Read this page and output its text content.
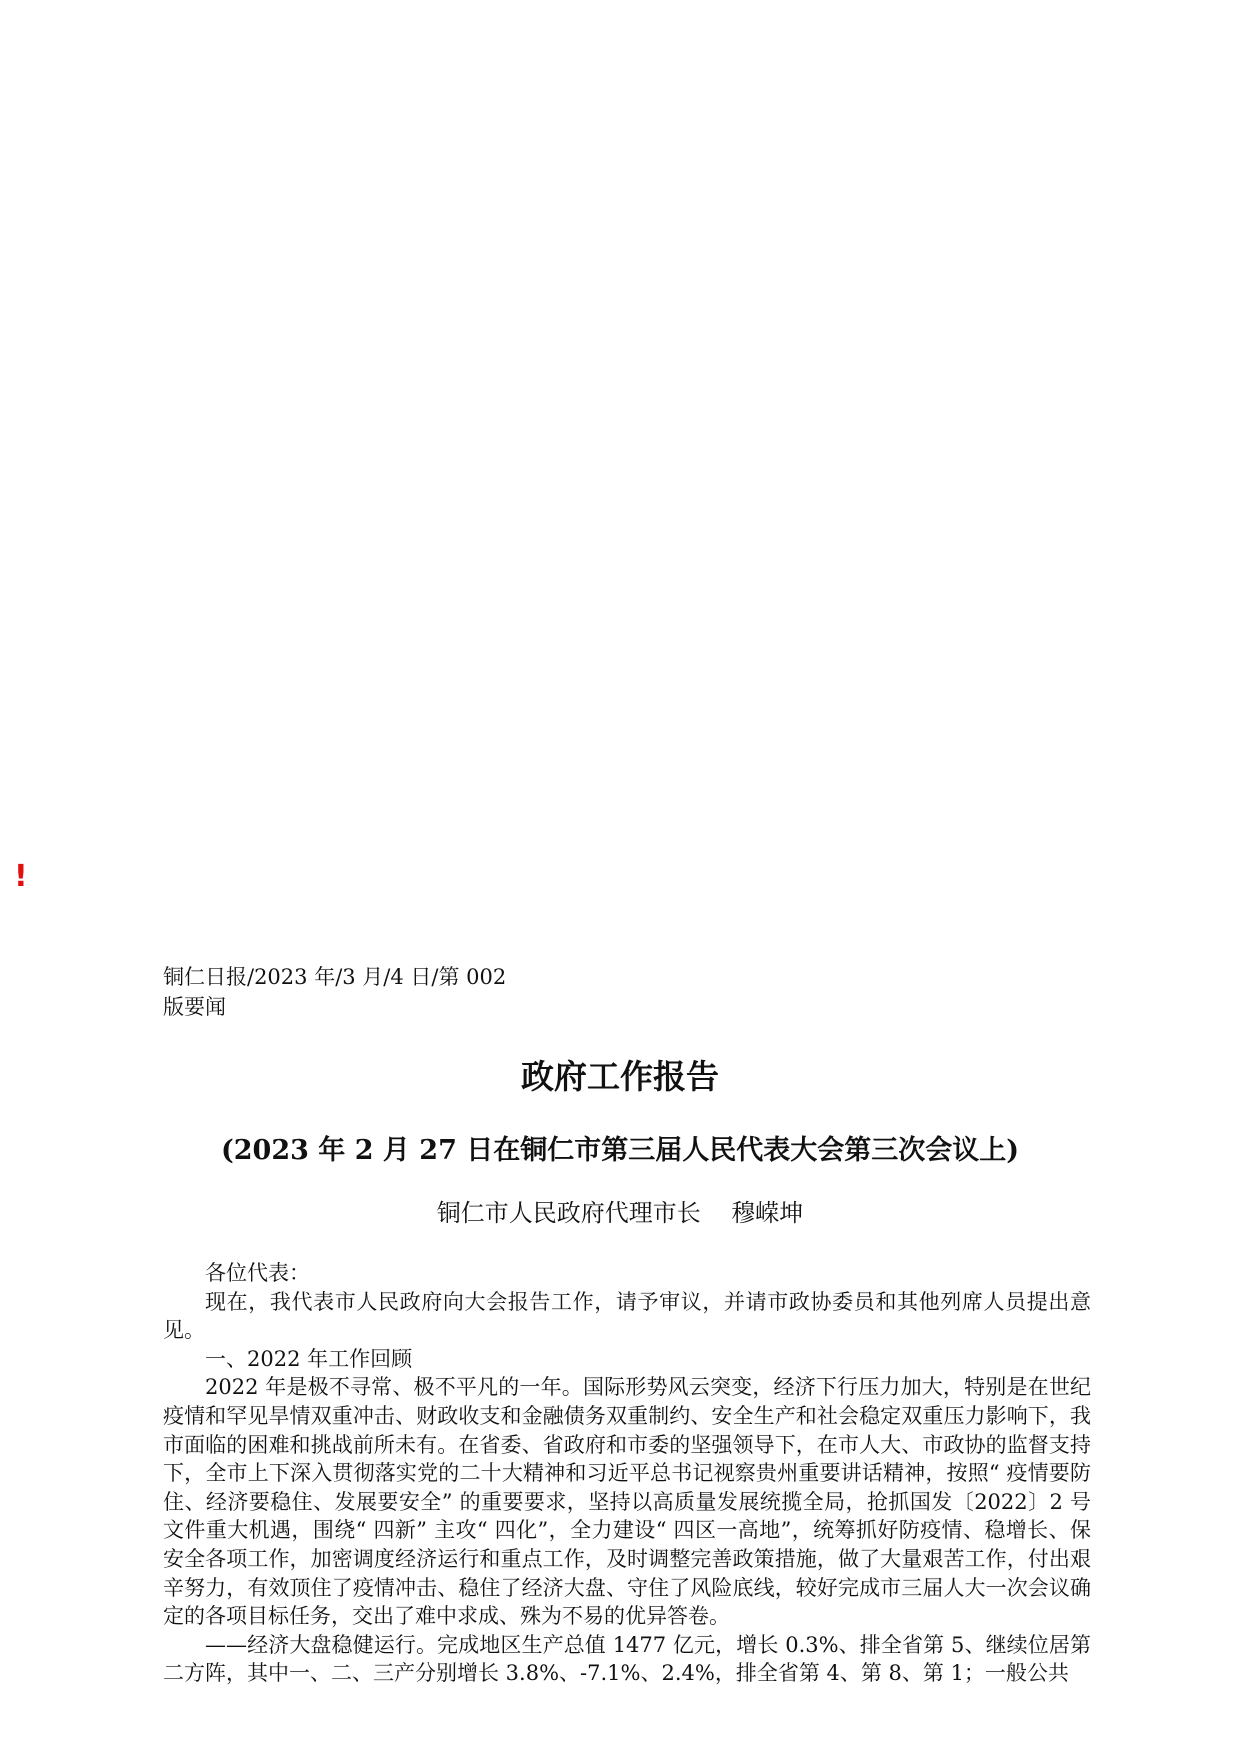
!
铜仁日报/2023 年/3 月/4 日/第 002
版要闻
政府工作报告
(2023 年 2 月 27 日在铜仁市第三届人民代表大会第三次会议上)
铜仁市人民政府代理市长    穆嵘坤

各位代表：

现在，我代表市人民政府向大会报告工作，请予审议，并请市政协委员和其他列席人员提出意见。

一、2022 年工作回顾

2022 年是极不寻常、极不平凡的一年。国际形势风云突变，经济下行压力加大，特别是在世纪疫情和罕见旱情双重冲击、财政收支和金融债务双重制约、安全生产和社会稳定双重压力影响下，我市面临的困难和挑战前所未有。在省委、省政府和市委的坚强领导下，在市人大、市政协的监督支持下，全市上下深入贯彻落实党的二十大精神和习近平总书记视察贵州重要讲话精神，按照“ 疫情要防住、经济要稳住、发展要安全” 的重要要求，坚持以高质量发展统揽全局，抢抓国发〔2022〕2 号文件重大机遇，围绕“ 四新” 主攻“ 四化”，全力建设“ 四区一高地”，统筹抓好防疫情、稳增长、保安全各项工作，加密调度经济运行和重点工作，及时调整完善政策措施，做了大量艰苦工作，付出艰辛努力，有效顶住了疫情冲击、稳住了经济大盘、守住了风险底线，较好完成市三届人大一次会议确定的各项目标任务，交出了难中求成、殊为不易的优异答卷。

——经济大盘稳健运行。完成地区生产总值 1477 亿元，增长 0.3%、排全省第 5、继续位居第二方阵，其中一、二、三产分别增长 3.8%、-7.1%、2.4%，排全省第 4、第 8、第 1；一般公共
